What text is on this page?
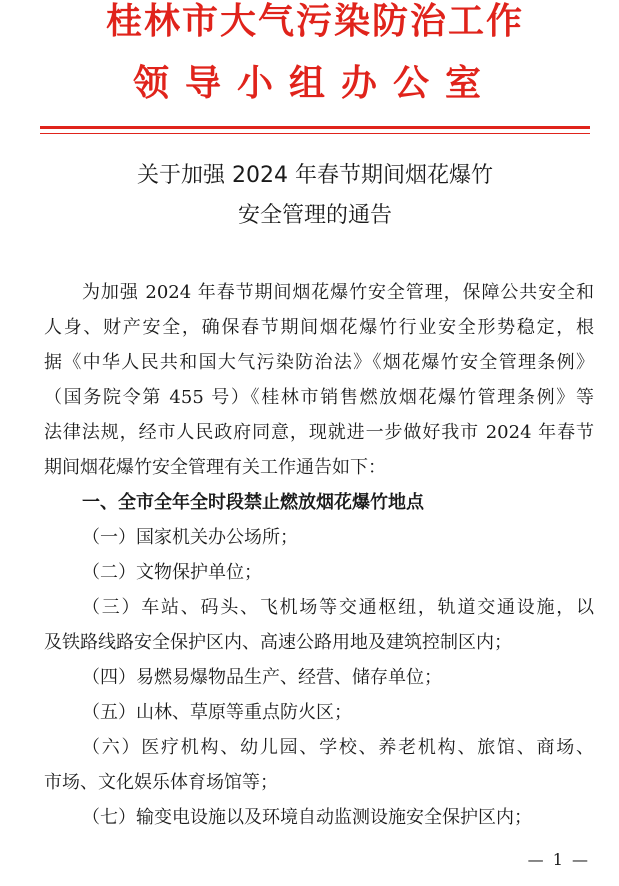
桂林市大气污染防治工作
领导小组办公室
关于加强 2024 年春节期间烟花爆竹
安全管理的通告

为加强 2024 年春节期间烟花爆竹安全管理，保障公共安全和

人身、财产安全，确保春节期间烟花爆竹行业安全形势稳定，根

据《中华人民共和国大气污染防治法》《烟花爆竹安全管理条例》

（国务院令第 455 号）《桂林市销售燃放烟花爆竹管理条例》等

法律法规，经市人民政府同意，现就进一步做好我市 2024 年春节

期间烟花爆竹安全管理有关工作通告如下：

一、全市全年全时段禁止燃放烟花爆竹地点

（一）国家机关办公场所；

（二）文物保护单位；

（三）车站、码头、飞机场等交通枢纽，轨道交通设施，以

及铁路线路安全保护区内、高速公路用地及建筑控制区内；

（四）易燃易爆物品生产、经营、储存单位；

（五）山林、草原等重点防火区；

（六）医疗机构、幼儿园、学校、养老机构、旅馆、商场、

市场、文化娱乐体育场馆等；

（七）输变电设施以及环境自动监测设施安全保护区内；

— 1 —
